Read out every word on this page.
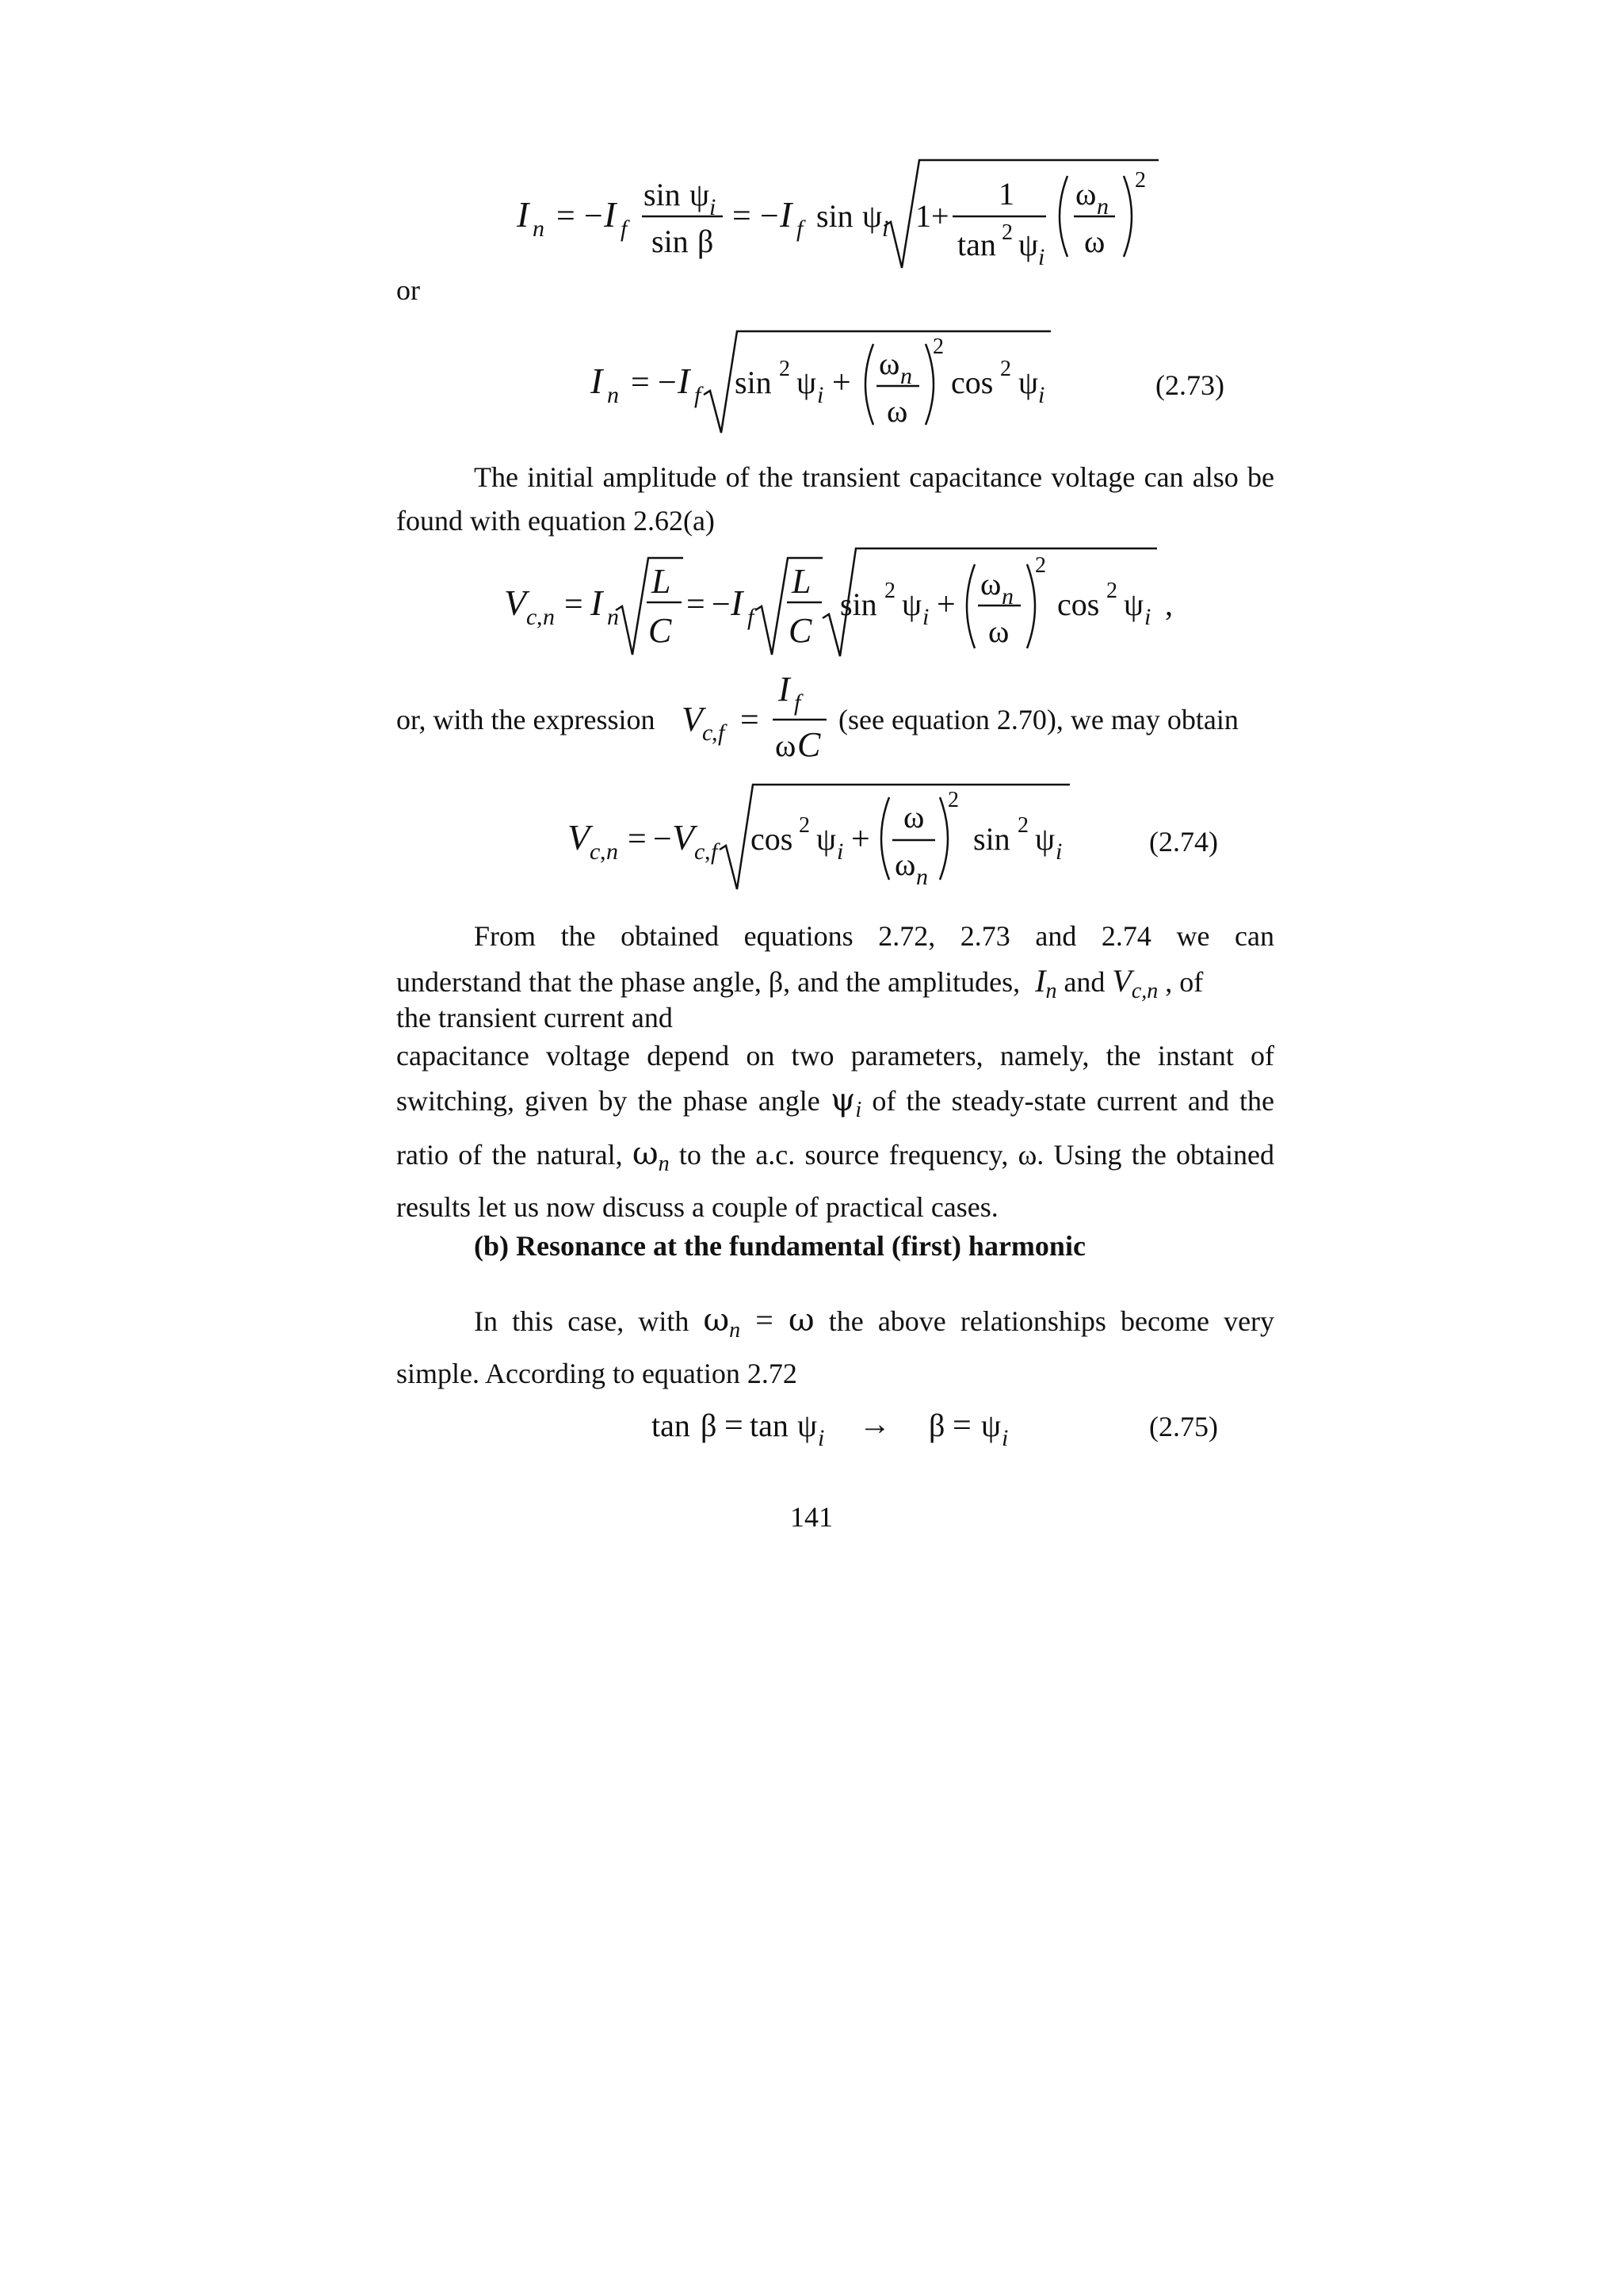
I n = − I f
sin ψ i
sin β
= − I f sin ψ i 1+
1
tan 2 ψ i
ω n
ω
2
I n = − I f sin 2 ψ i +
ω n
ω
2
cos 2 ψ i	(2.73)
V c , n = I n
L
C
= − I f
L
C
sin 2 ψ i +
ω n
ω
2
cos 2 ψ i ,
V c
, f =
I f
ω C
V c , n = − V c , f cos 2 ψ i +
ω
ω n
2
sin 2 ψ i	(2.74)
tan β = tan ψ i → β = ψ i	(2.75)
or
The initial amplitude of the transient capacitance voltage can also be found with equation 2.62(a)
or, with the expression	(see equation 2.70), we may obtain
From the obtained equations 2.72, 2.73 and 2.74 we can
understand that the phase angle, β, and the amplitudes,  $I_n$ and $V_{c,n}$ , of
the transient current and
capacitance voltage depend on two parameters, namely, the instant of switching, given by the phase angle $\psi_i$ of the steady-state current and the ratio of the natural, $\omega_n$ to the a.c. source frequency, ω. Using the obtained results let us now discuss a couple of practical cases.
(b) Resonance at the fundamental (first) harmonic
In this case, with $\omega_n = \omega$ the above relationships become very simple. According to equation 2.72
141
